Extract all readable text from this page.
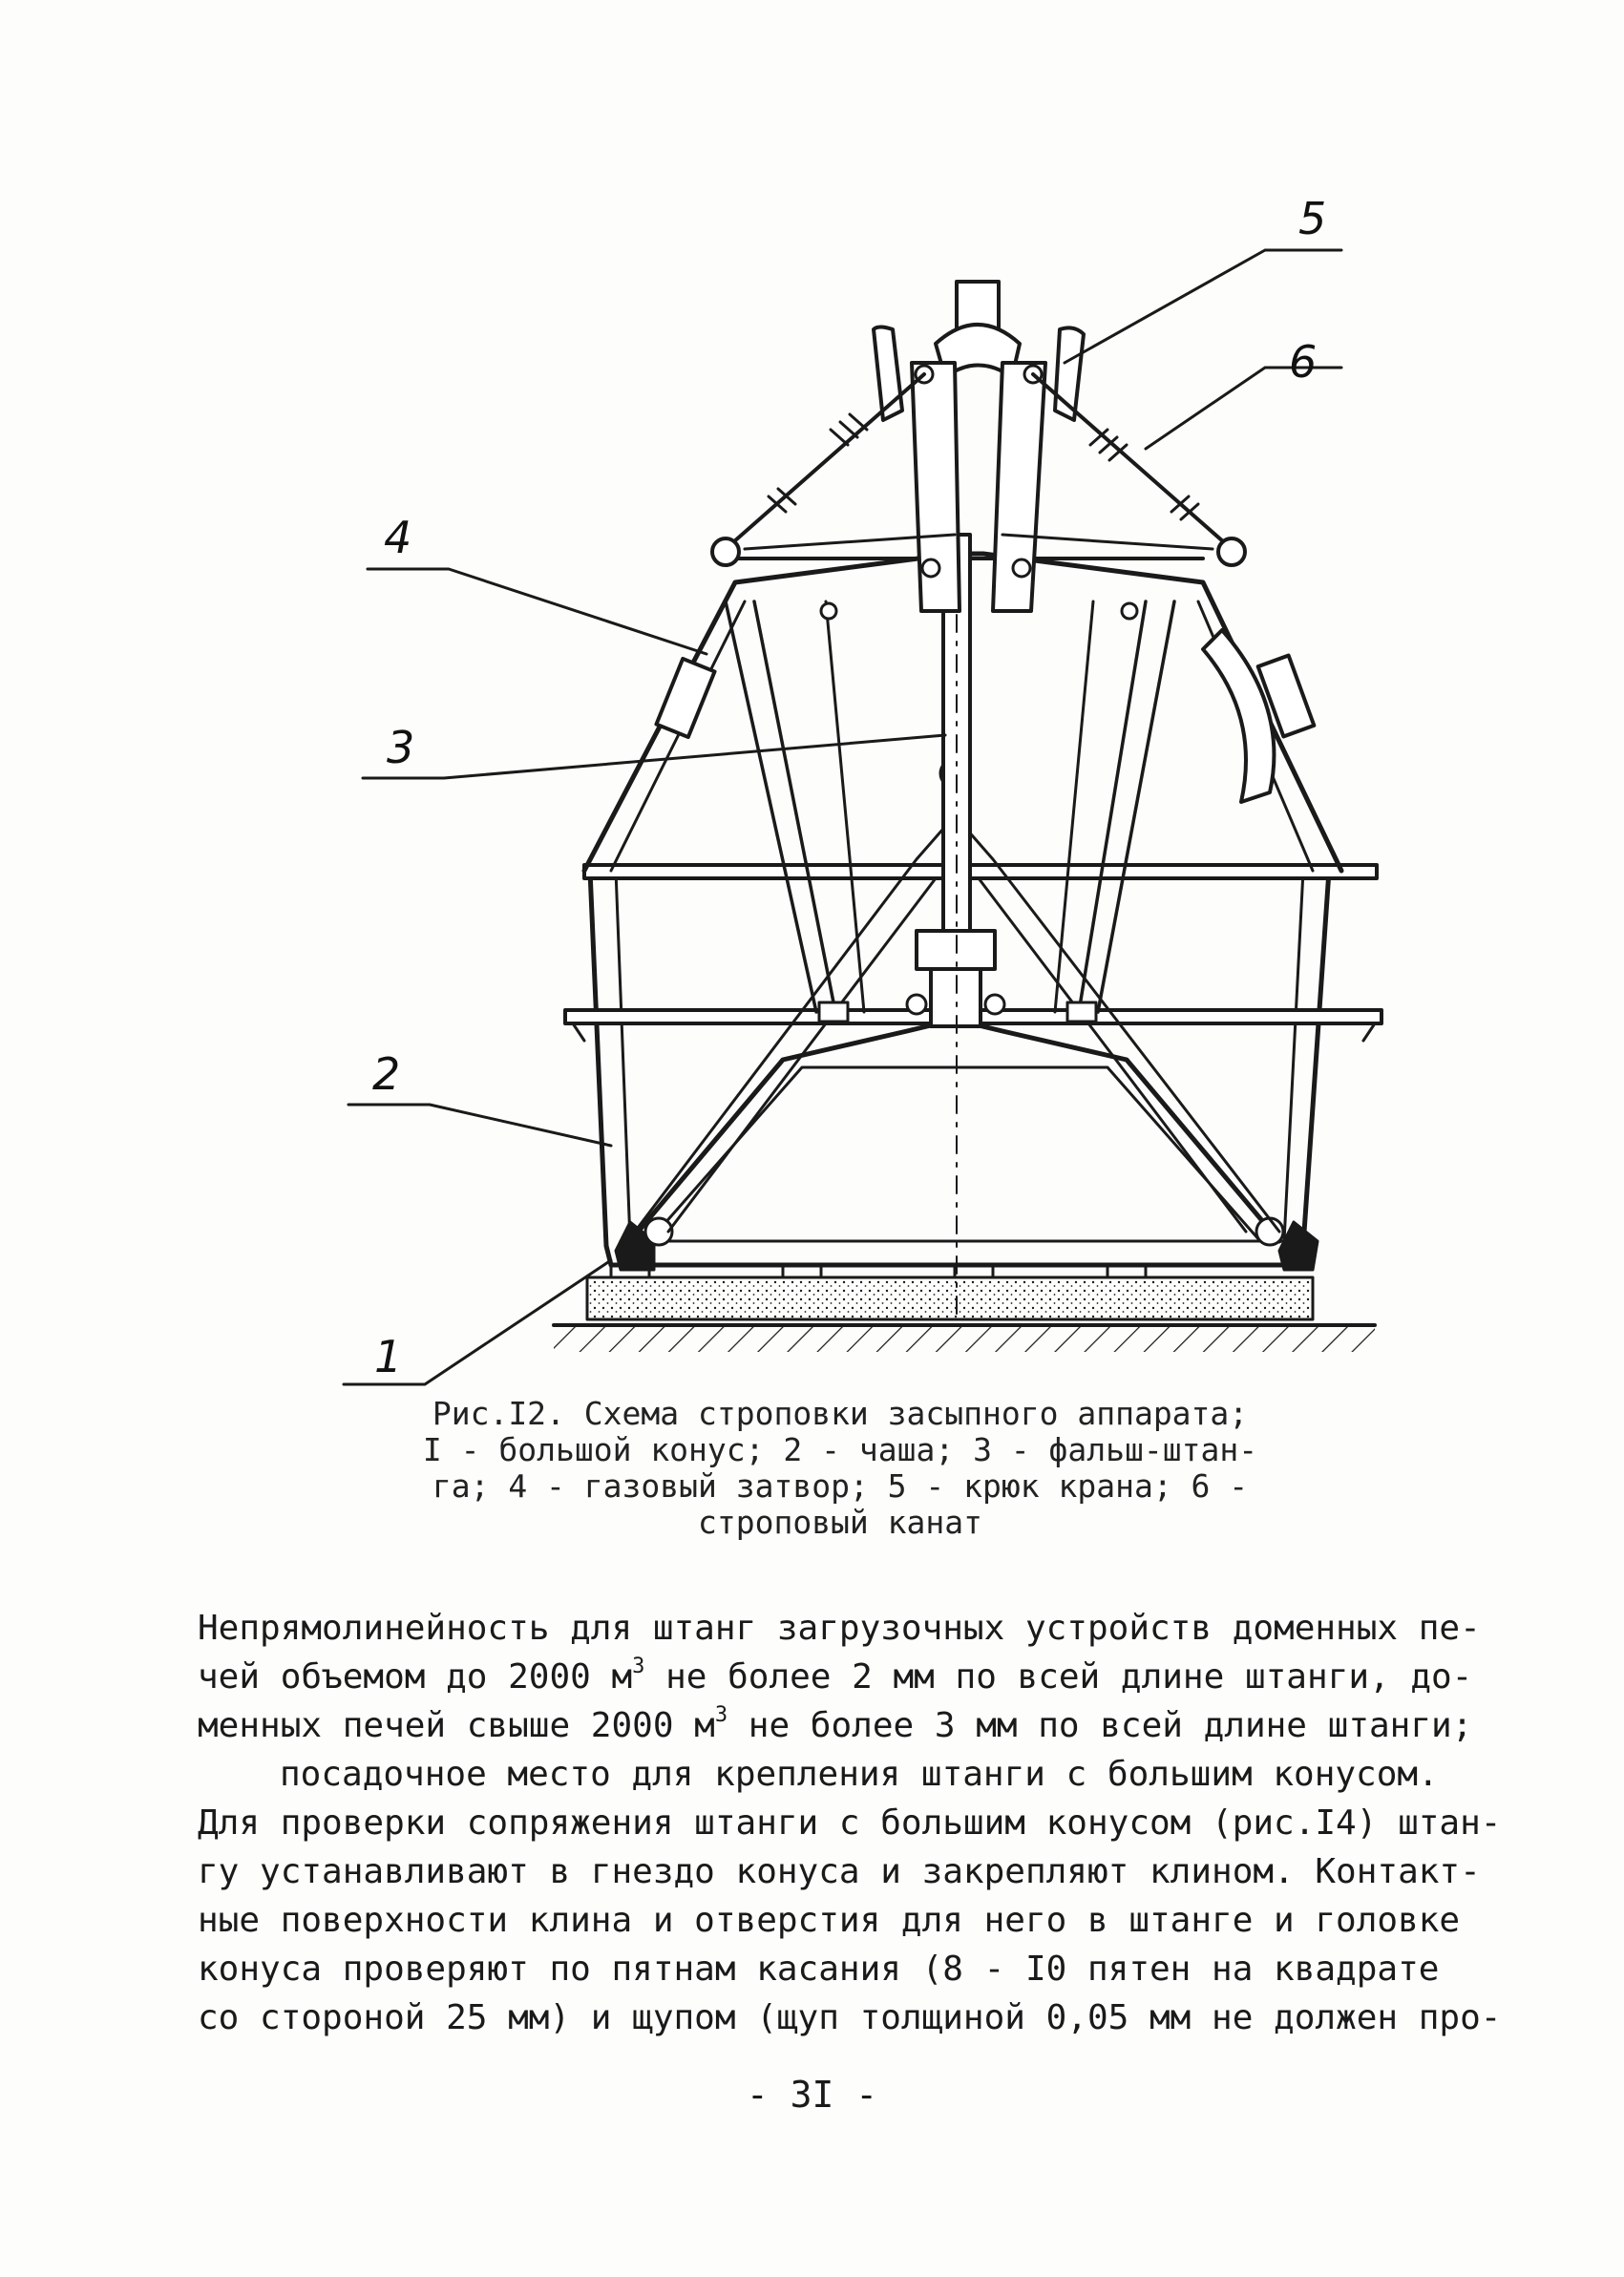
5
6
4
3
2
1
Рис.I2. Схема строповки засыпного аппарата;
I - большой конус; 2 - чаша; 3 - фальш-штан-
га; 4 - газовый затвор; 5 - крюк крана; 6 -
строповый канат
Непрямолинейность для штанг загрузочных устройств доменных пе-
чей объемом до 2000 $м^3$ не более 2 мм по всей длине штанги, до-
менных печей свыше 2000 $м^3$ не более 3 мм по всей длине штанги;
посадочное место для крепления штанги с большим конусом.
Для проверки сопряжения штанги с большим конусом (рис.I4) штан-
гу устанавливают в гнездо конуса и закрепляют клином. Контакт-
ные поверхности клина и отверстия для него в штанге и головке
конуса проверяют по пятнам касания (8 - I0 пятен на квадрате
со стороной 25 мм) и щупом (щуп толщиной 0,05 мм не должен про-
- 3I -
